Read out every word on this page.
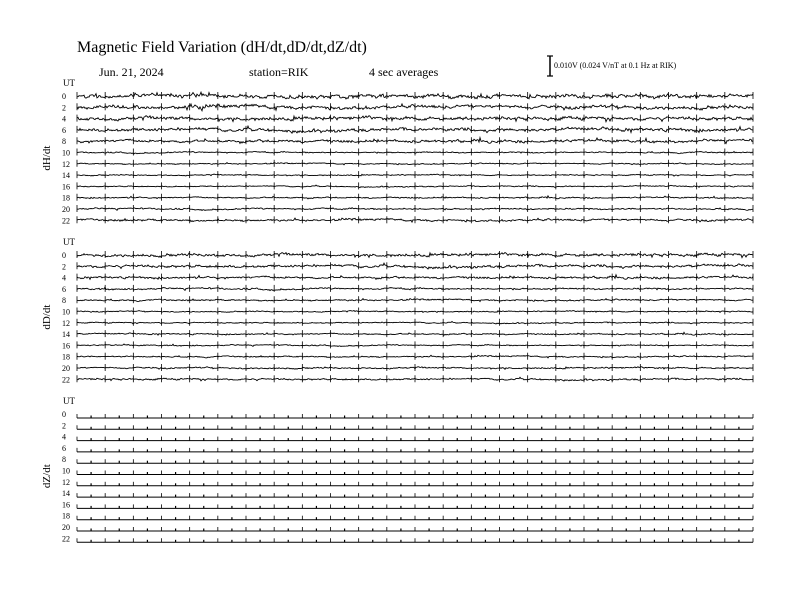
Magnetic Field Variation (dH/dt,dD/dt,dZ/dt)
Jun. 21, 2024	station=RIK	4 sec averages	0.010V (0.024 V/nT at 0.1 Hz at RIK)
UT
dH/dt
0
2
4
6
8
10
12
14
16
18
20
22
UT
dD/dt
0
2
4
6
8
10
12
14
16
18
20
22
UT
dZ/dt
0
2
4
6
8
10
12
14
16
18
20
22
